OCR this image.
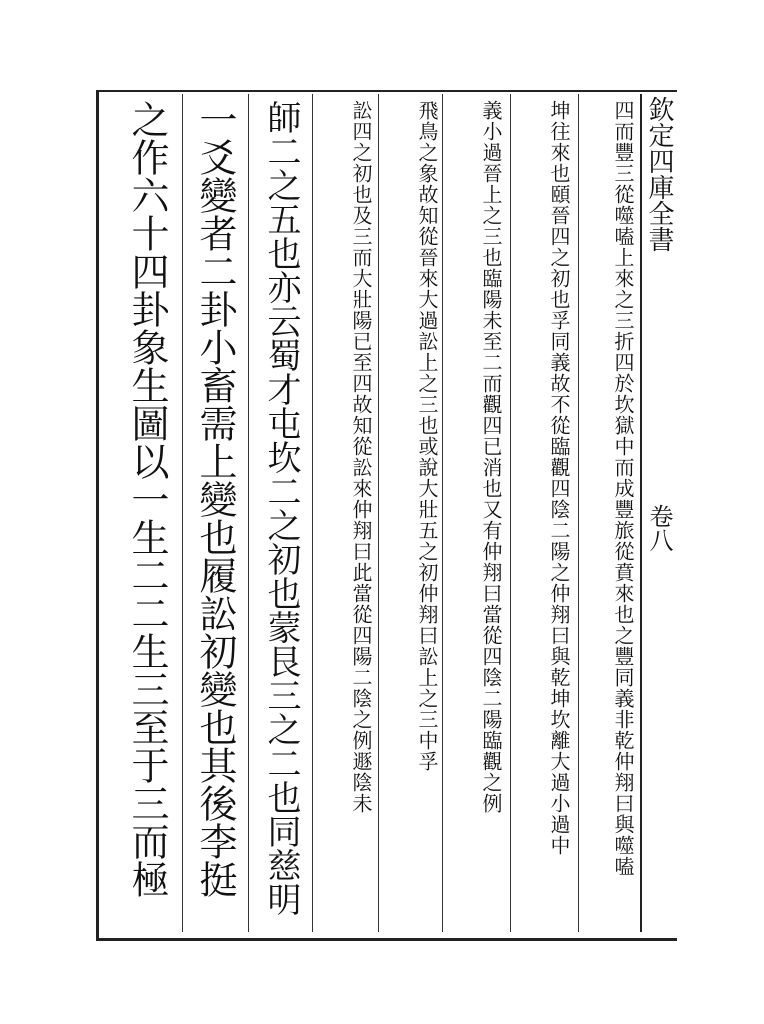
欽定四庫全書
卷八
四而豐三從噬嗑上來之三折四於坎獄中而成豐旅從賁來也之豐同義非乾仲翔曰與噬嗑
坤往來也頤晉四之初也孚同義故不從臨觀四陰二陽之仲翔曰與乾坤坎離大過小過中
義小過晉上之三也臨陽未至二而觀四已消也又有仲翔曰當從四陰二陽臨觀之例
飛鳥之象故知從晉來大過訟上之三也或說大壯五之初仲翔曰訟上之三中孚
訟四之初也及三而大壯陽已至四故知從訟來仲翔曰此當從四陽二陰之例遯陰未
師二之五也亦云蜀才屯坎二之初也蒙艮三之二也同慈明
一爻變者二卦小畜需上變也履訟初變也其後李挺
之作六十四卦象生圖以一生二二生三至于三而極
